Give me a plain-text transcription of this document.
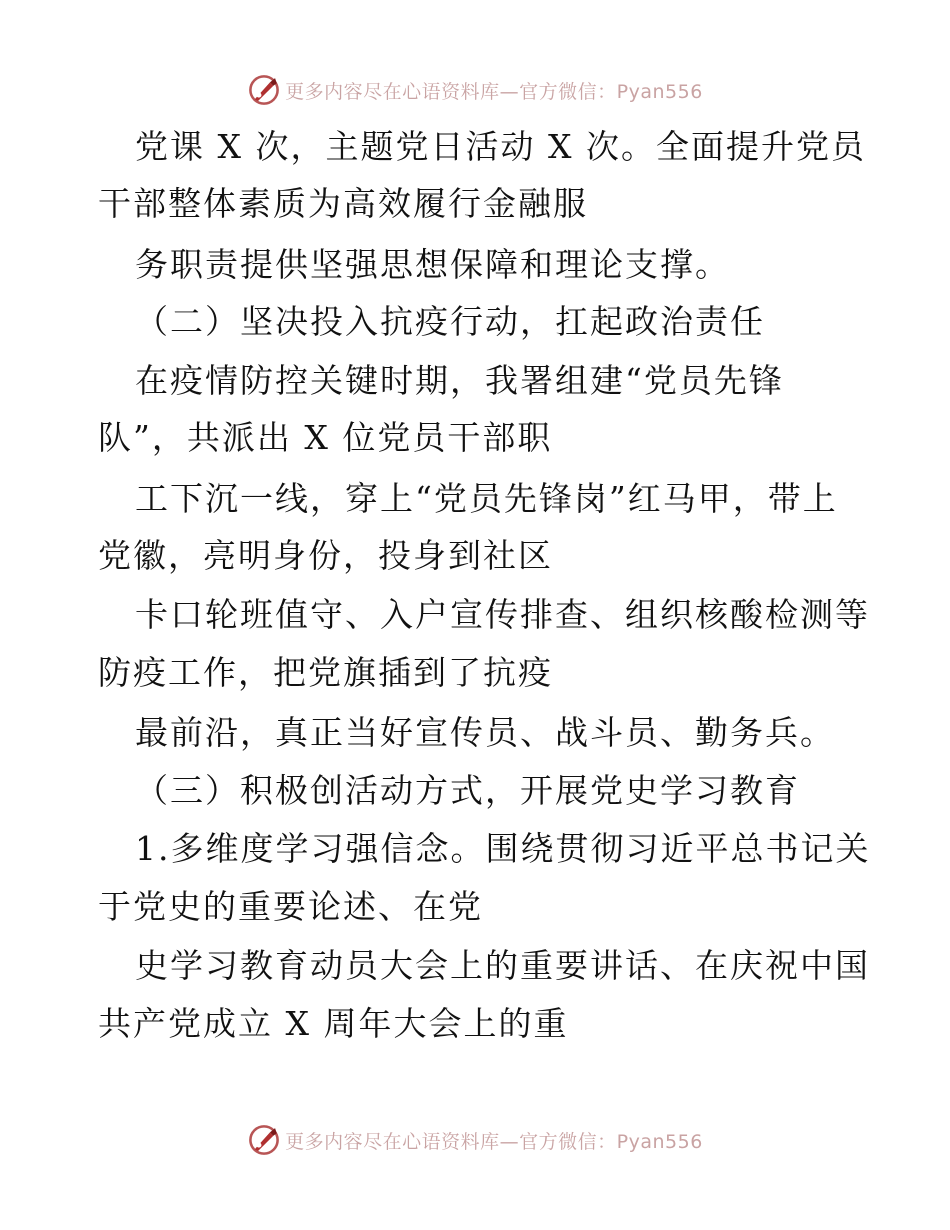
更多内容尽在心语资料库—官方微信：Pyan556
党课 X 次，主题党日活动 X 次。全面提升党员
干部整体素质为高效履行金融服
务职责提供坚强思想保障和理论支撑。
（二）坚决投入抗疫行动，扛起政治责任
在疫情防控关键时期，我署组建“党员先锋
队”，共派出 X 位党员干部职
工下沉一线，穿上“党员先锋岗”红马甲，带上
党徽，亮明身份，投身到社区
卡口轮班值守、入户宣传排查、组织核酸检测等
防疫工作，把党旗插到了抗疫
最前沿，真正当好宣传员、战斗员、勤务兵。
（三）积极创活动方式，开展党史学习教育
1.多维度学习强信念。围绕贯彻习近平总书记关
于党史的重要论述、在党
史学习教育动员大会上的重要讲话、在庆祝中国
共产党成立 X 周年大会上的重
更多内容尽在心语资料库—官方微信：Pyan556
